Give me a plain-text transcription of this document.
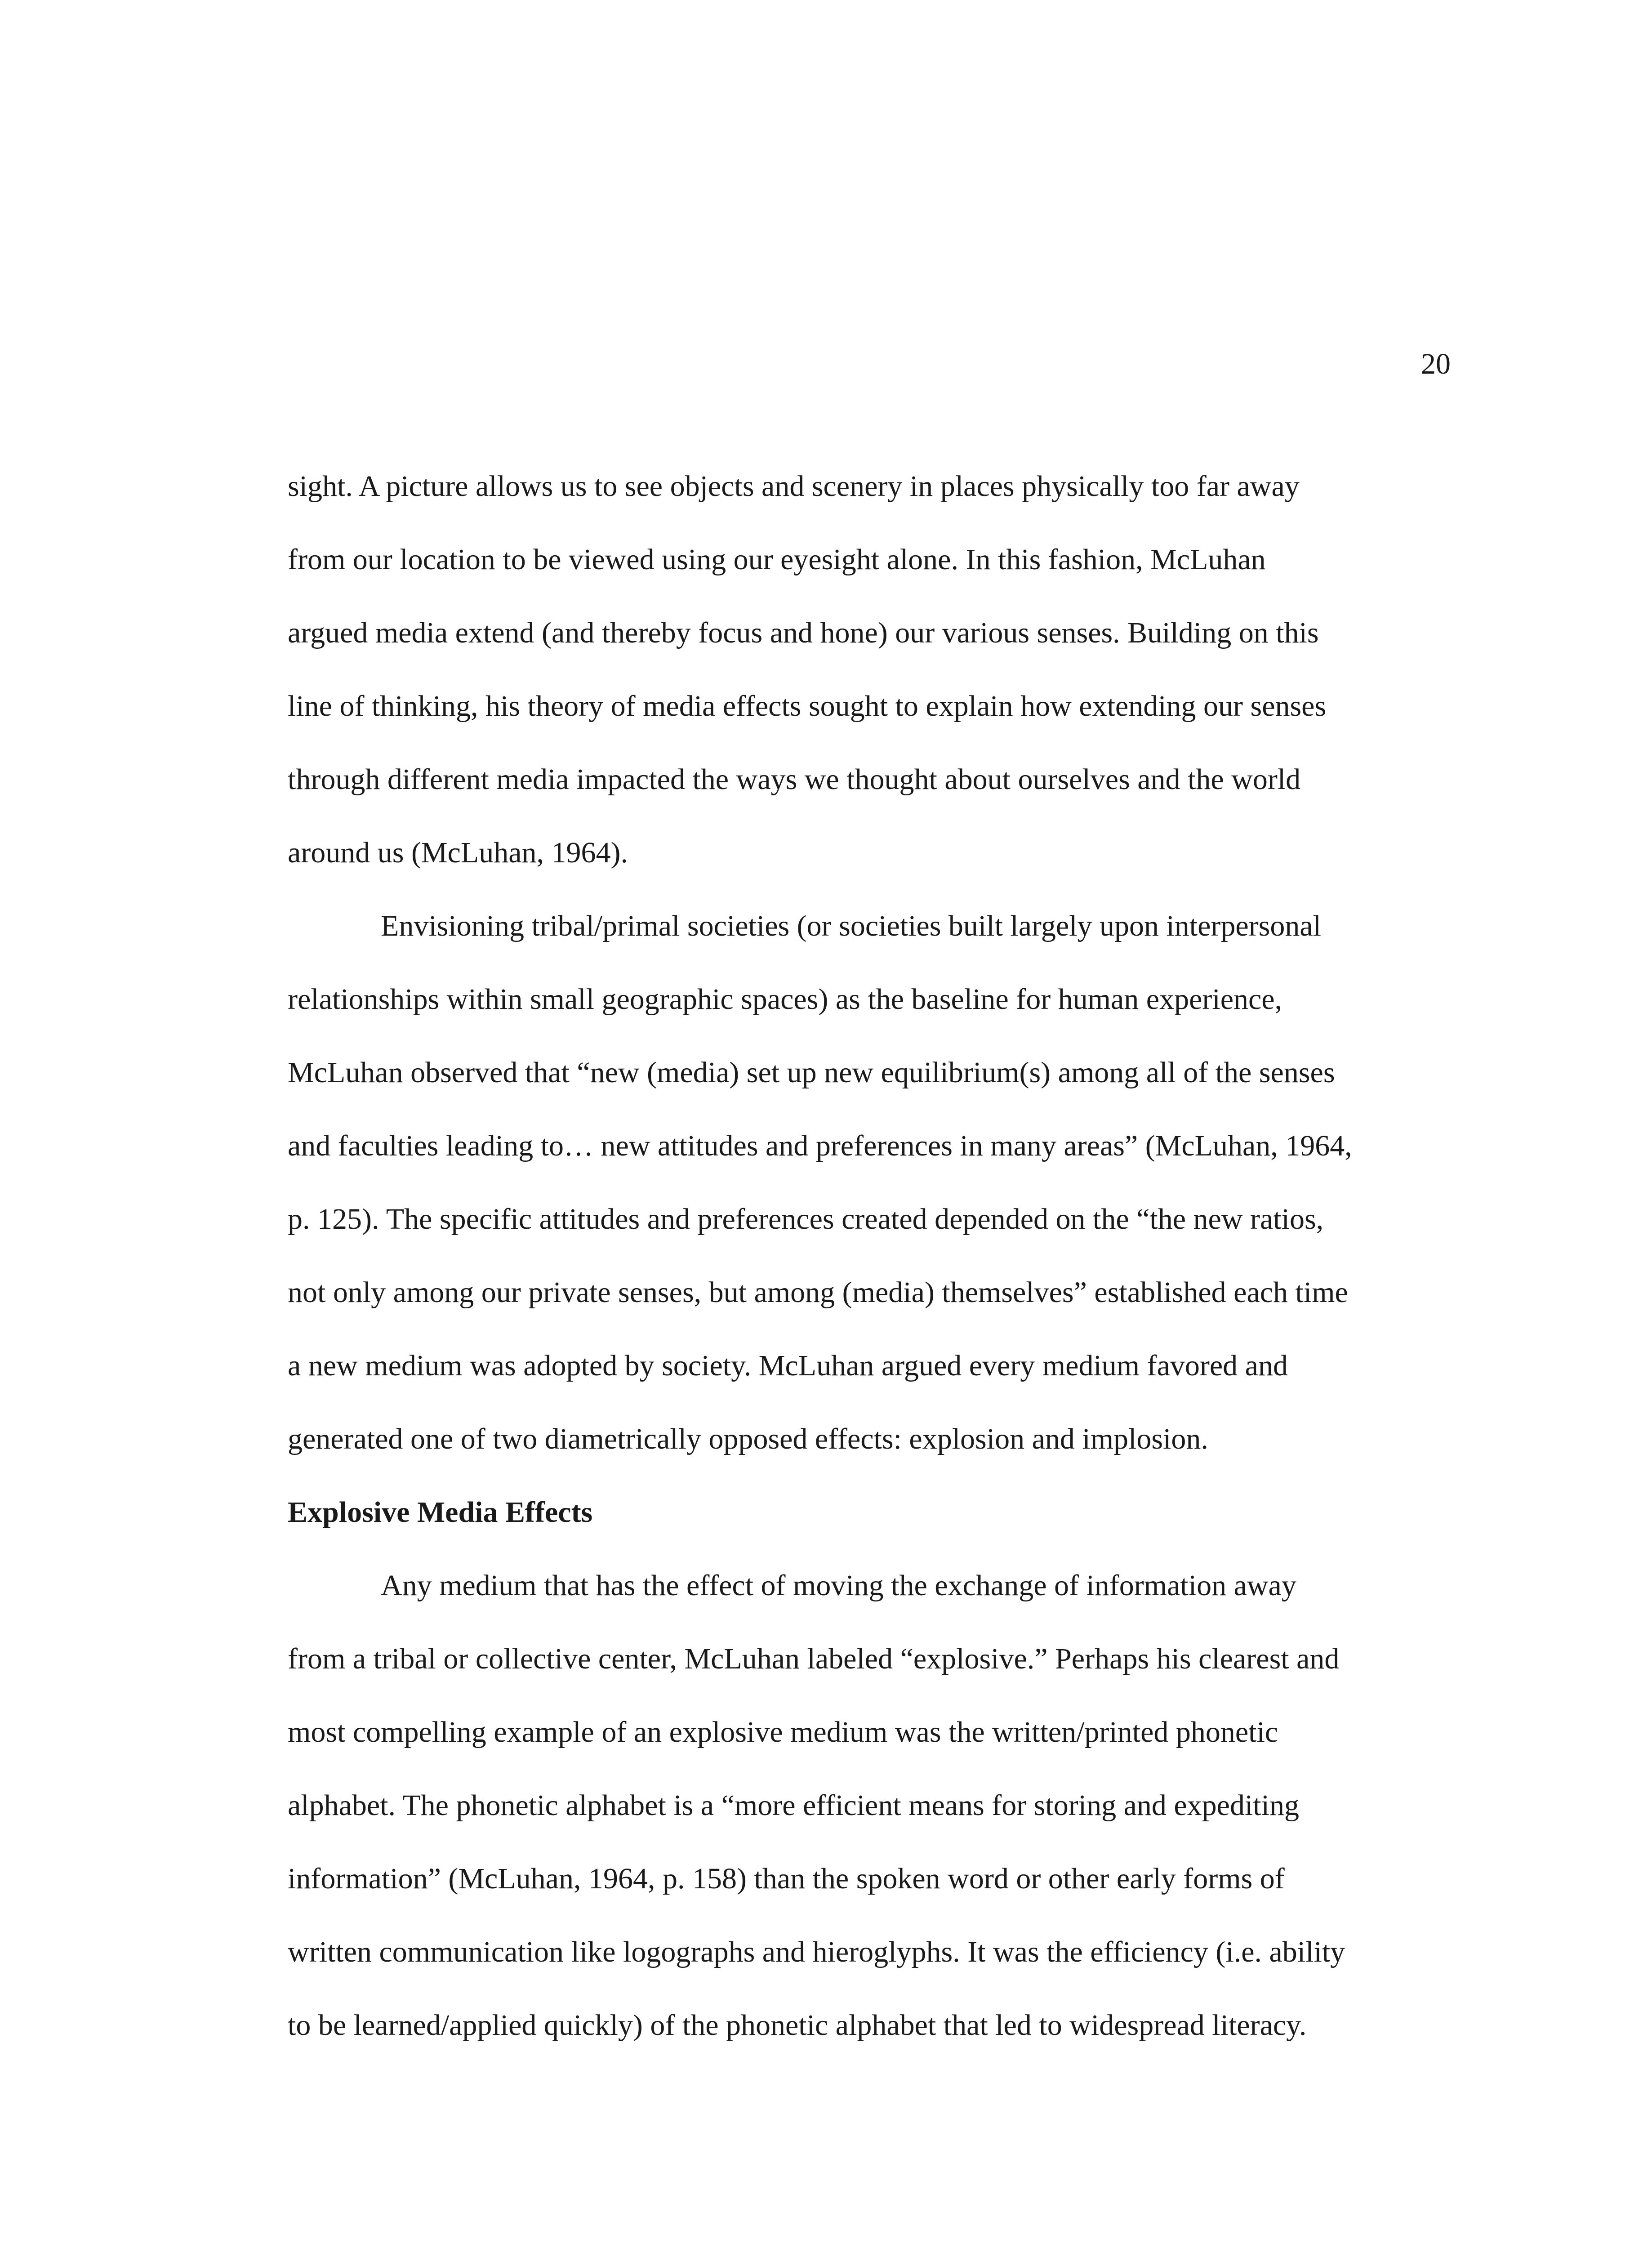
20
sight. A picture allows us to see objects and scenery in places physically too far away
from our location to be viewed using our eyesight alone. In this fashion, McLuhan
argued media extend (and thereby focus and hone) our various senses. Building on this
line of thinking, his theory of media effects sought to explain how extending our senses
through different media impacted the ways we thought about ourselves and the world
around us (McLuhan, 1964).
Envisioning tribal/primal societies (or societies built largely upon interpersonal
relationships within small geographic spaces) as the baseline for human experience,
McLuhan observed that “new (media) set up new equilibrium(s) among all of the senses
and faculties leading to… new attitudes and preferences in many areas” (McLuhan, 1964,
p. 125). The specific attitudes and preferences created depended on the “the new ratios,
not only among our private senses, but among (media) themselves” established each time
a new medium was adopted by society. McLuhan argued every medium favored and
generated one of two diametrically opposed effects: explosion and implosion.
Explosive Media Effects
Any medium that has the effect of moving the exchange of information away
from a tribal or collective center, McLuhan labeled “explosive.” Perhaps his clearest and
most compelling example of an explosive medium was the written/printed phonetic
alphabet. The phonetic alphabet is a “more efficient means for storing and expediting
information” (McLuhan, 1964, p. 158) than the spoken word or other early forms of
written communication like logographs and hieroglyphs. It was the efficiency (i.e. ability
to be learned/applied quickly) of the phonetic alphabet that led to widespread literacy.
